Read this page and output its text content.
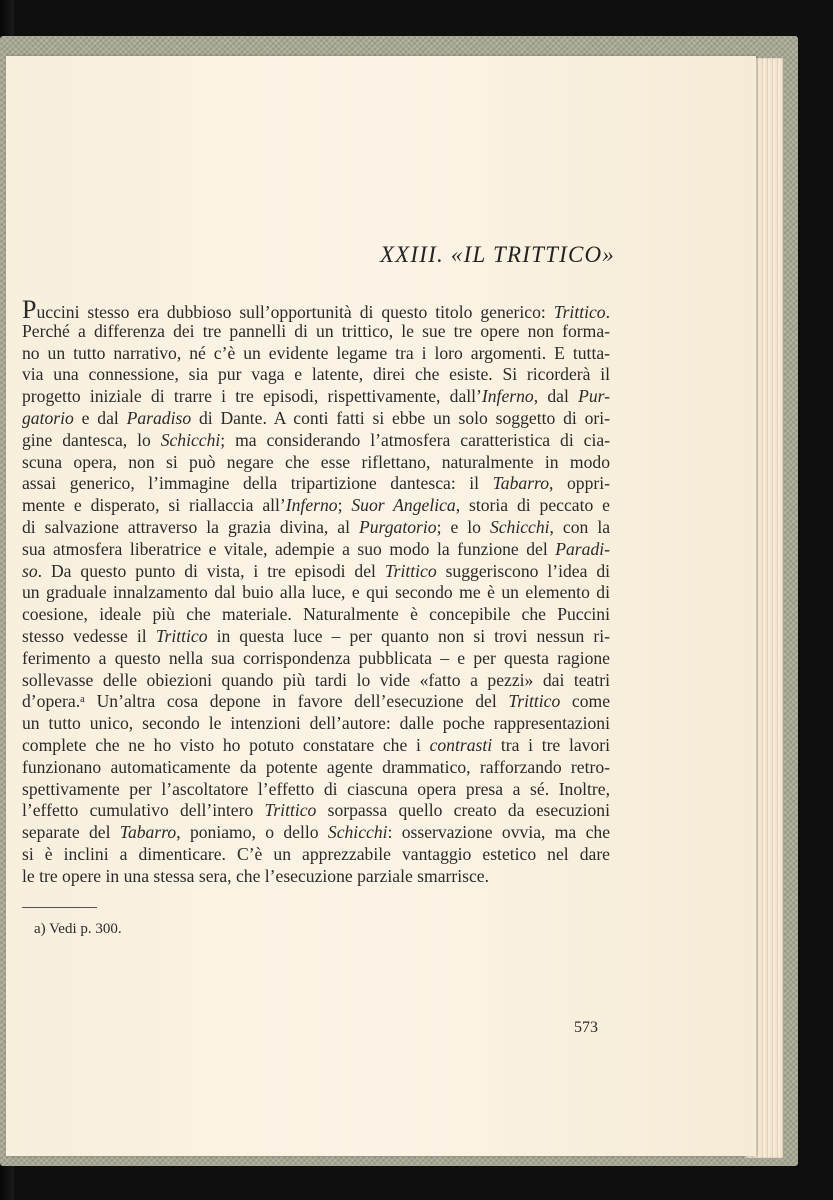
XXIII. «IL TRITTICO»
Puccini stesso era dubbioso sull’opportunità di questo titolo generico: Trittico.
Perché a differenza dei tre pannelli di un trittico, le sue tre opere non forma-
no un tutto narrativo, né c’è un evidente legame tra i loro argomenti. E tutta-
via una connessione, sia pur vaga e latente, direi che esiste. Si ricorderà il
progetto iniziale di trarre i tre episodi, rispettivamente, dall’Inferno, dal Pur-
gatorio e dal Paradiso di Dante. A conti fatti si ebbe un solo soggetto di ori-
gine dantesca, lo Schicchi; ma considerando l’atmosfera caratteristica di cia-
scuna opera, non si può negare che esse riflettano, naturalmente in modo
assai generico, l’immagine della tripartizione dantesca: il Tabarro, oppri-
mente e disperato, si riallaccia all’Inferno; Suor Angelica, storia di peccato e
di salvazione attraverso la grazia divina, al Purgatorio; e lo Schicchi, con la
sua atmosfera liberatrice e vitale, adempie a suo modo la funzione del Paradi-
so. Da questo punto di vista, i tre episodi del Trittico suggeriscono l’idea di
un graduale innalzamento dal buio alla luce, e qui secondo me è un elemento di
coesione, ideale più che materiale. Naturalmente è concepibile che Puccini
stesso vedesse il Trittico in questa luce – per quanto non si trovi nessun ri-
ferimento a questo nella sua corrispondenza pubblicata – e per questa ragione
sollevasse delle obiezioni quando più tardi lo vide «fatto a pezzi» dai teatri
d’opera.ᵃ Un’altra cosa depone in favore dell’esecuzione del Trittico come
un tutto unico, secondo le intenzioni dell’autore: dalle poche rappresentazioni
complete che ne ho visto ho potuto constatare che i contrasti tra i tre lavori
funzionano automaticamente da potente agente drammatico, rafforzando retro-
spettivamente per l’ascoltatore l’effetto di ciascuna opera presa a sé. Inoltre,
l’effetto cumulativo dell’intero Trittico sorpassa quello creato da esecuzioni
separate del Tabarro, poniamo, o dello Schicchi: osservazione ovvia, ma che
si è inclini a dimenticare. C’è un apprezzabile vantaggio estetico nel dare
le tre opere in una stessa sera, che l’esecuzione parziale smarrisce.
a) Vedi p. 300.
573
